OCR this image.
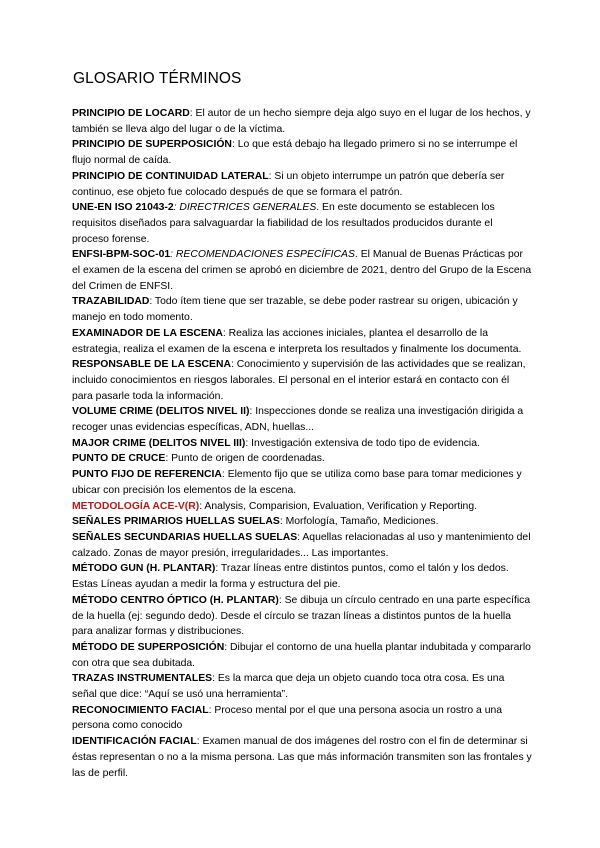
GLOSARIO TÉRMINOS

PRINCIPIO DE LOCARD: El autor de un hecho siempre deja algo suyo en el lugar de los hechos, y también se lleva algo del lugar o de la víctima.

PRINCIPIO DE SUPERPOSICIÓN: Lo que está debajo ha llegado primero si no se interrumpe el flujo normal de caída.

PRINCIPIO DE CONTINUIDAD LATERAL: Si un objeto interrumpe un patrón que debería ser continuo, ese objeto fue colocado después de que se formara el patrón.

UNE-EN ISO 21043-2: DIRECTRICES GENERALES. En este documento se establecen los requisitos diseñados para salvaguardar la fiabilidad de los resultados producidos durante el proceso forense.

ENFSI-BPM-SOC-01: RECOMENDACIONES ESPECÍFICAS. El Manual de Buenas Prácticas por el examen de la escena del crimen se aprobó en diciembre de 2021, dentro del Grupo de la Escena del Crimen de ENFSI.

TRAZABILIDAD: Todo ítem tiene que ser trazable, se debe poder rastrear su origen, ubicación y manejo en todo momento.

EXAMINADOR DE LA ESCENA: Realiza las acciones iniciales, plantea el desarrollo de la estrategia, realiza el examen de la escena e interpreta los resultados y finalmente los documenta.

RESPONSABLE DE LA ESCENA: Conocimiento y supervisión de las actividades que se realizan, incluido conocimientos en riesgos laborales. El personal en el interior estará en contacto con él para pasarle toda la información.

VOLUME CRIME (DELITOS NIVEL II): Inspecciones donde se realiza una investigación dirigida a recoger unas evidencias específicas, ADN, huellas...

MAJOR CRIME (DELITOS NIVEL III): Investigación extensiva de todo tipo de evidencia.

PUNTO DE CRUCE: Punto de origen de coordenadas.

PUNTO FIJO DE REFERENCIA: Elemento fijo que se utiliza como base para tomar mediciones y ubicar con precisión los elementos de la escena.

METODOLOGÍA ACE-V(R): Analysis, Comparision, Evaluation, Verification y Reporting.

SEÑALES PRIMARIOS HUELLAS SUELAS: Morfología, Tamaño, Mediciones.

SEÑALES SECUNDARIAS HUELLAS SUELAS: Aquellas relacionadas al uso y mantenimiento del calzado. Zonas de mayor presión, irregularidades... Las importantes.

MÉTODO GUN (H. PLANTAR): Trazar líneas entre distintos puntos, como el talón y los dedos. Estas Líneas ayudan a medir la forma y estructura del pie.

MÉTODO CENTRO ÓPTICO (H. PLANTAR): Se dibuja un círculo centrado en una parte específica de la huella (ej: segundo dedo). Desde el círculo se trazan líneas a distintos puntos de la huella para analizar formas y distribuciones.

MÉTODO DE SUPERPOSICIÓN: Dibujar el contorno de una huella plantar indubitada y compararlo con otra que sea dubitada.

TRAZAS INSTRUMENTALES: Es la marca que deja un objeto cuando toca otra cosa. Es una señal que dice: “Aquí se usó una herramienta”.

RECONOCIMIENTO FACIAL: Proceso mental por el que una persona asocia un rostro a una persona como conocido

IDENTIFICACIÓN FACIAL: Examen manual de dos imágenes del rostro con el fin de determinar si éstas representan o no a la misma persona. Las que más información transmiten son las frontales y las de perfil.
